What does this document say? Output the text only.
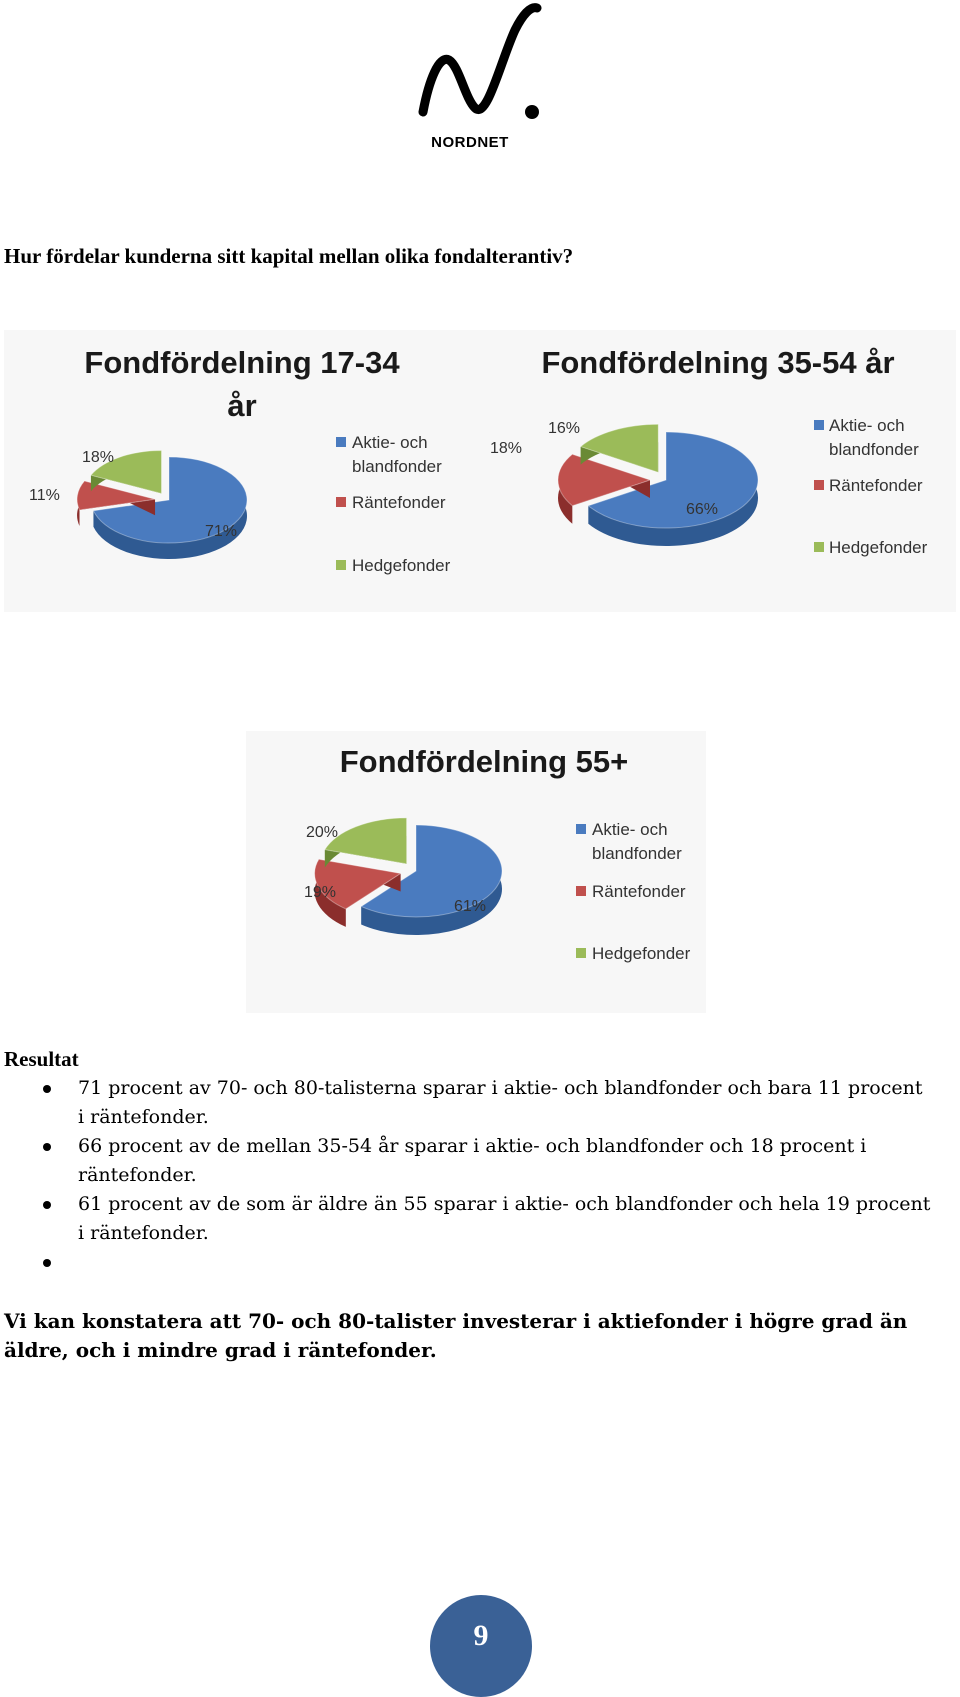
NORDNET
Hur fördelar kunderna sitt kapital mellan olika fondalterantiv?
Fondfördelning 17-34
år
71%
11%
18%
Aktie- och blandfonder
Räntefonder
Hedgefonder
Fondfördelning 35-54 år
66%
18%
16%	Aktie- och blandfonder
Räntefonder
Hedgefonder
Fondfördelning 55+
61%
19%
20%	Aktie- och blandfonder
Räntefonder
Hedgefonder
Resultat
71 procent av 70- och 80-talisterna sparar i aktie- och blandfonder och bara 11 procent i räntefonder.
66 procent av de mellan 35-54 år sparar i aktie- och blandfonder och 18 procent i räntefonder.
61 procent av de som är äldre än 55 sparar i aktie- och blandfonder och hela 19 procent i räntefonder.
Vi kan konstatera att 70- och 80-talister investerar i aktiefonder i högre grad än äldre, och i mindre grad i räntefonder.
9
